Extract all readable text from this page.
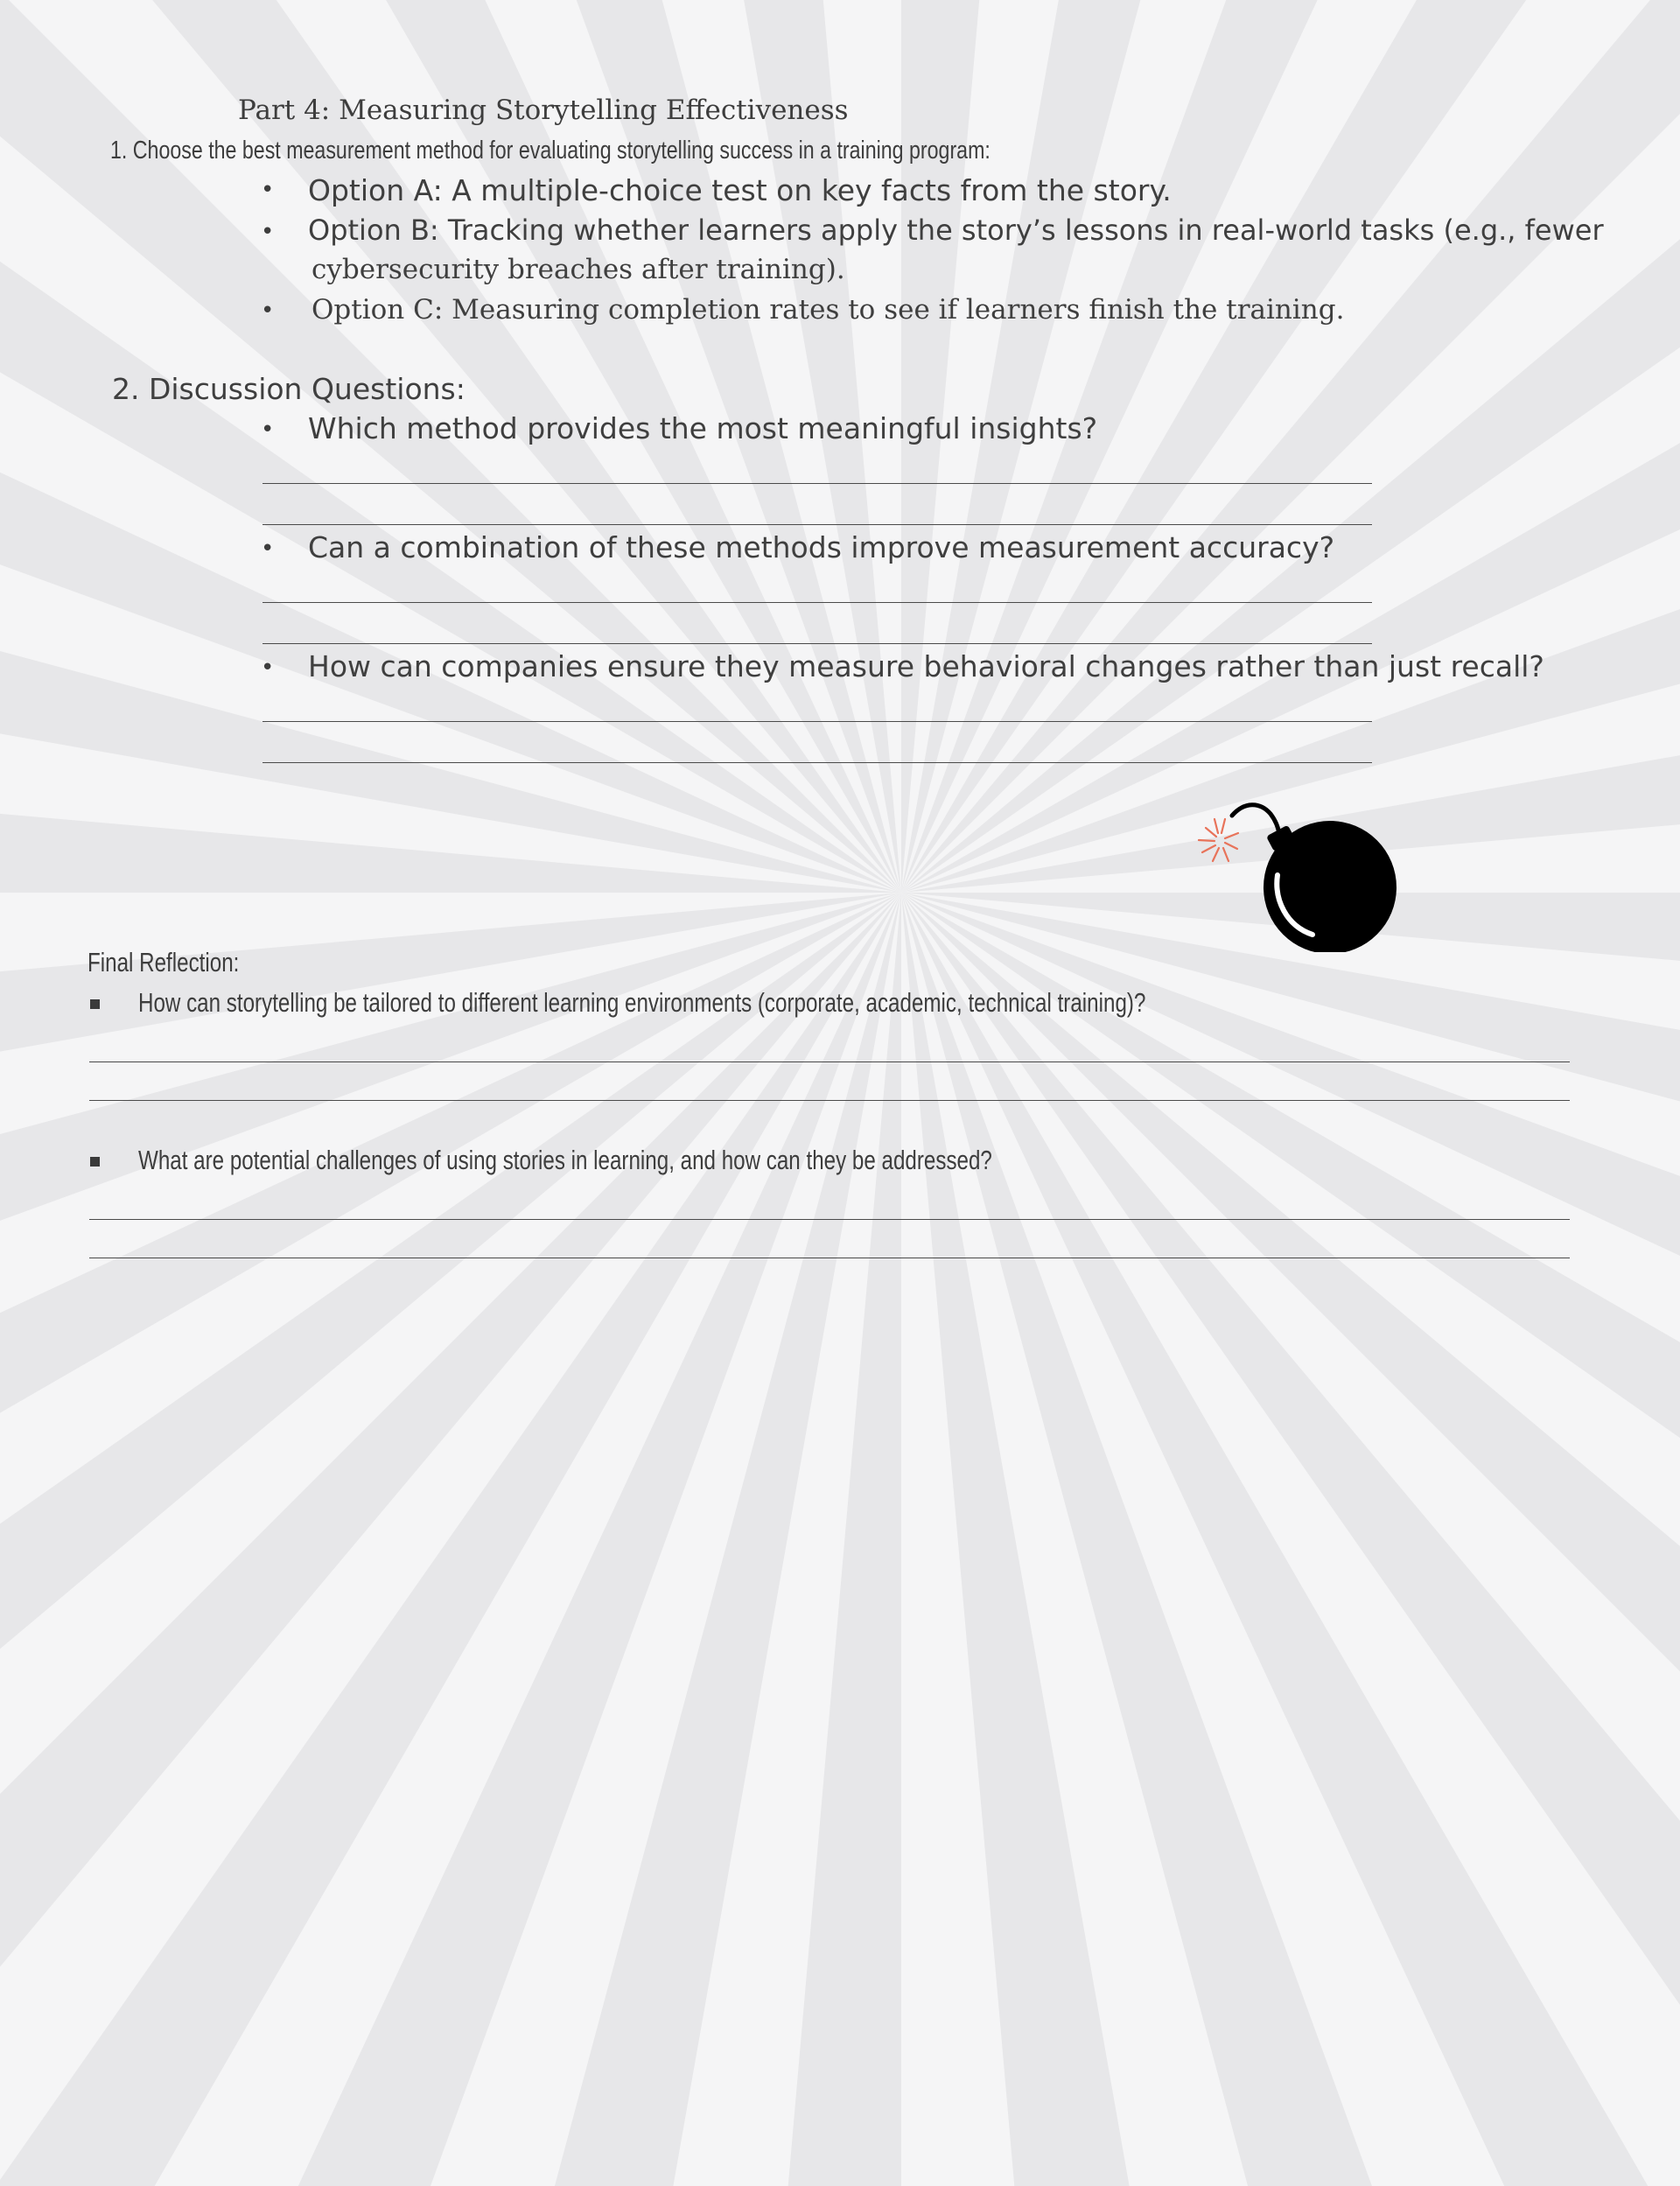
Part 4: Measuring Storytelling Effectiveness
1. Choose the best measurement method for evaluating storytelling success in a training program:
• Option A: A multiple-choice test on key facts from the story.
• Option B: Tracking whether learners apply the story’s lessons in real-world tasks (e.g., fewer
cybersecurity breaches after training).
• Option C: Measuring completion rates to see if learners finish the training.
2. Discussion Questions:
• Which method provides the most meaningful insights?
• Can a combination of these methods improve measurement accuracy?
• How can companies ensure they measure behavioral changes rather than just recall?
Final Reflection:
How can storytelling be tailored to different learning environments (corporate, academic, technical training)?
What are potential challenges of using stories in learning, and how can they be addressed?
